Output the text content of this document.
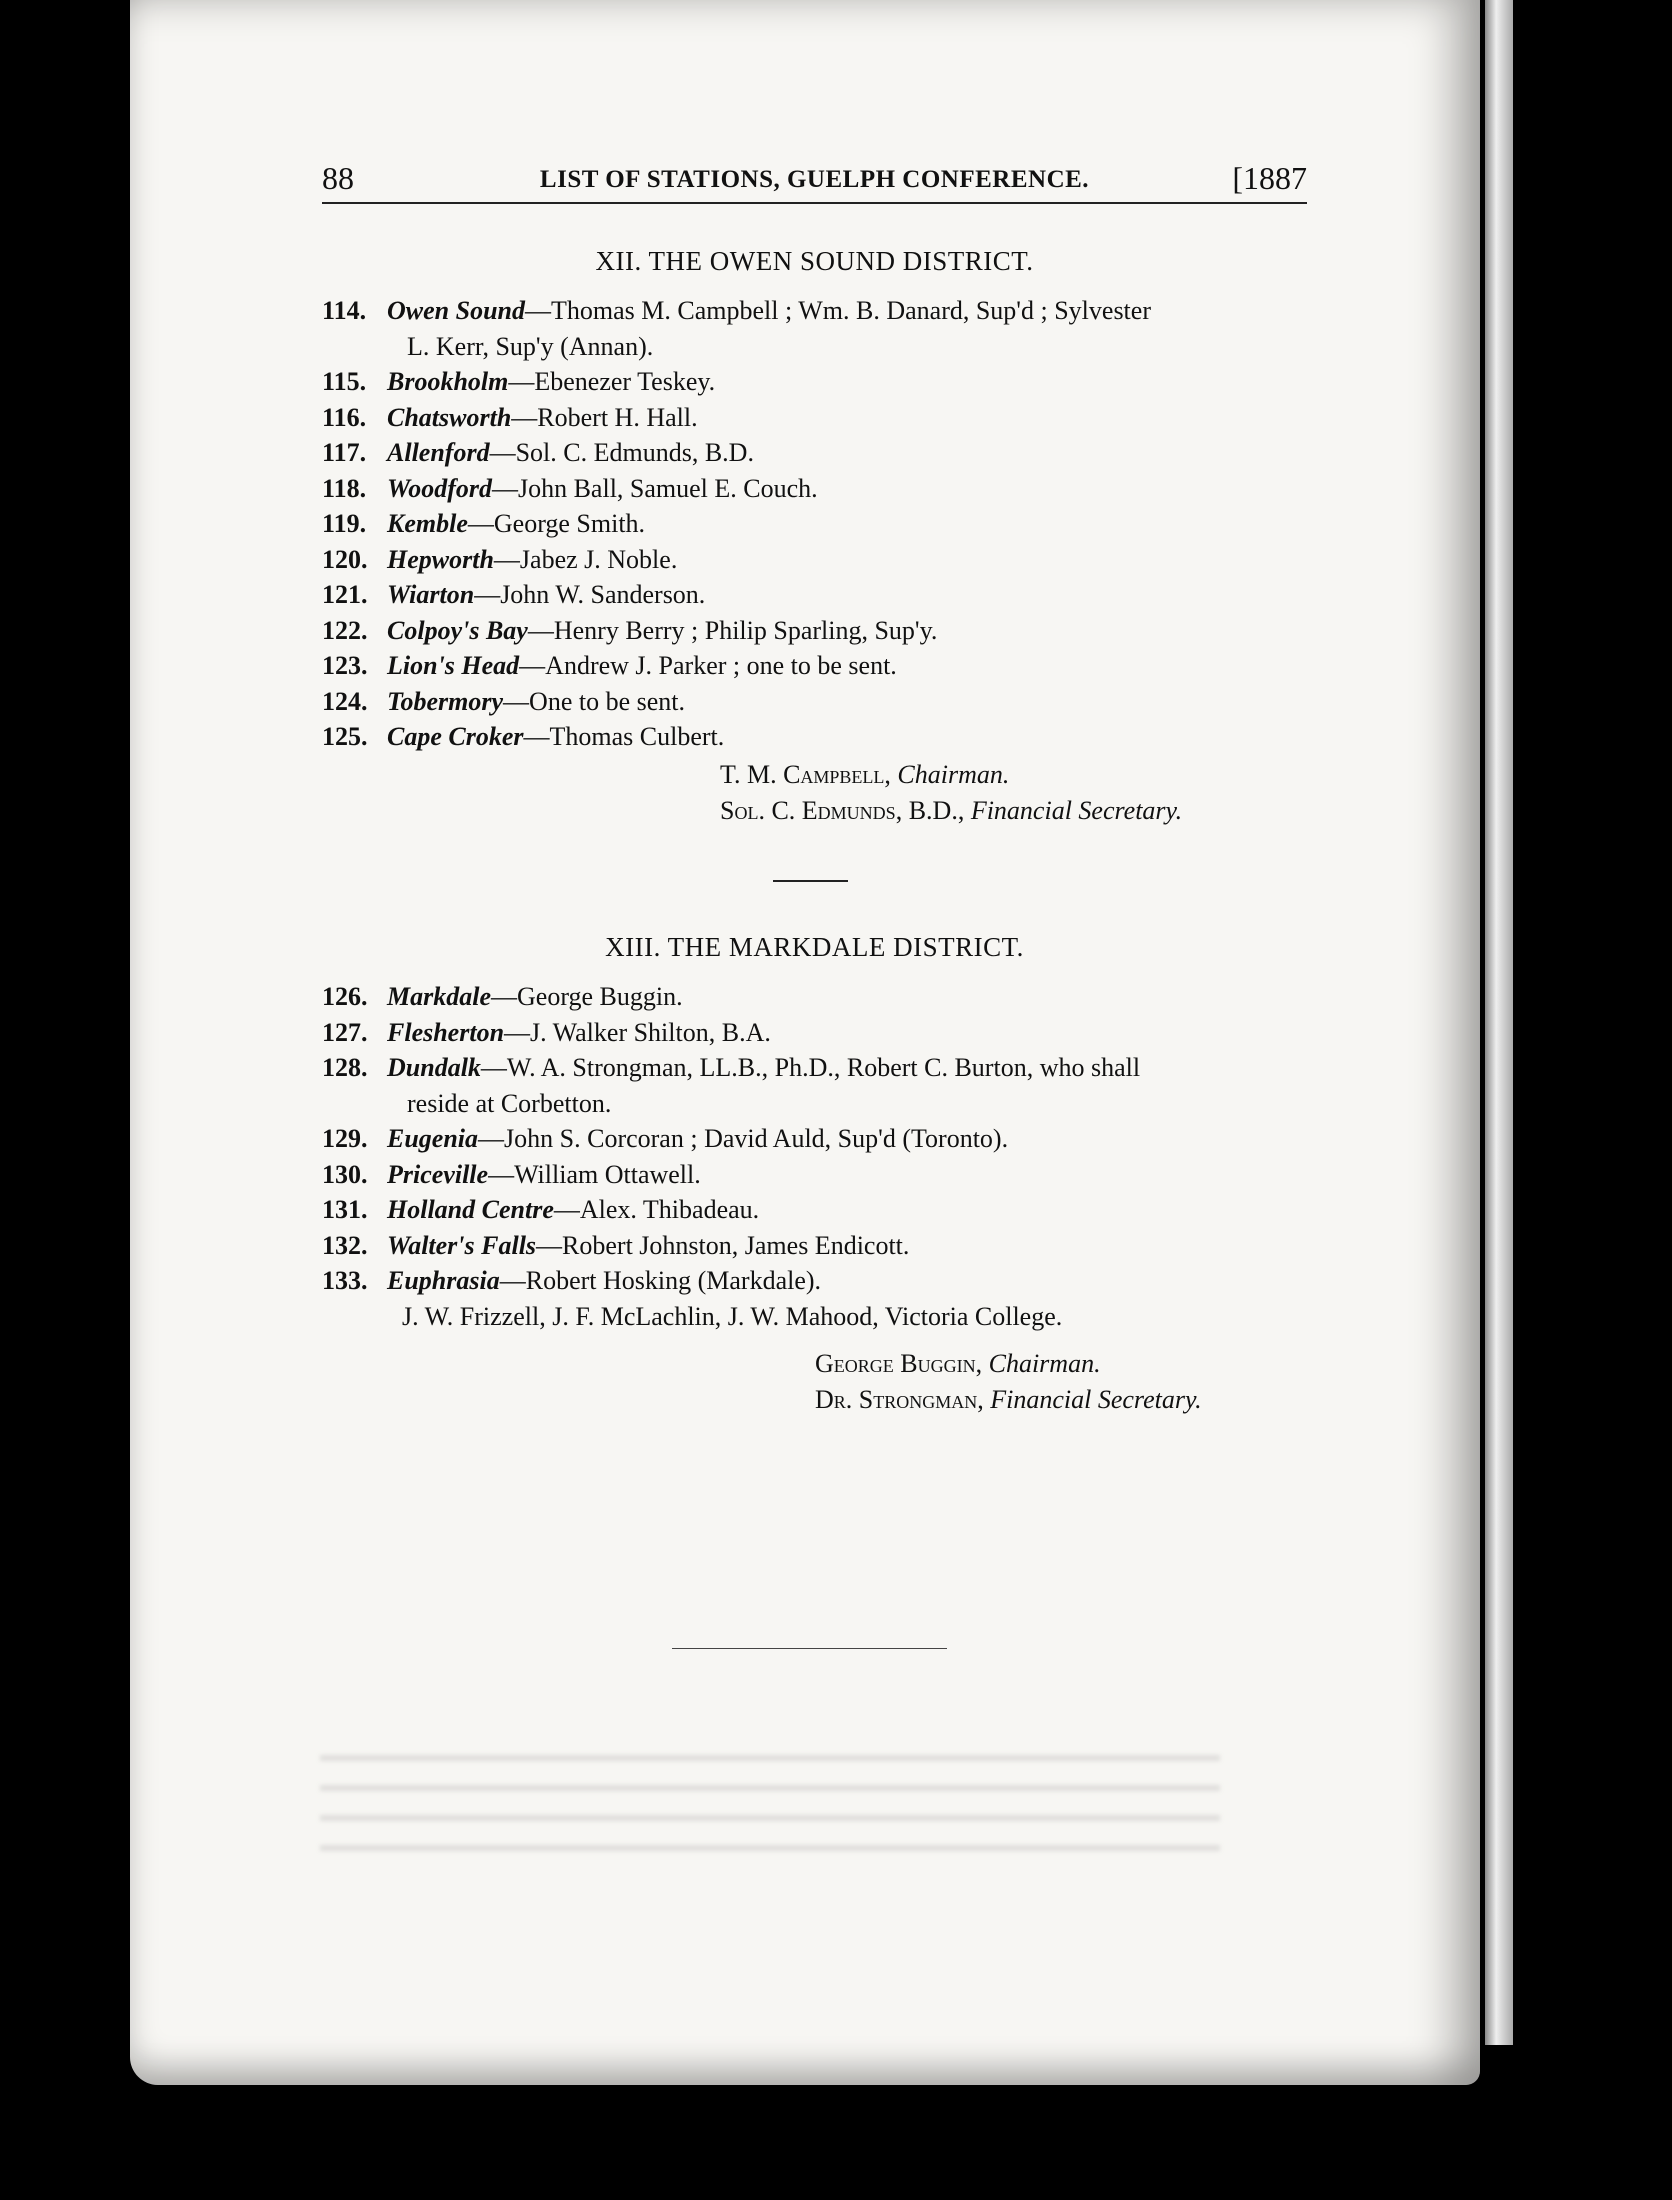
88	LIST OF STATIONS, GUELPH CONFERENCE.	[1887
XII. THE OWEN SOUND DISTRICT.
114. Owen Sound—Thomas M. Campbell ; Wm. B. Danard, Sup'd ; Sylvester
L. Kerr, Sup'y (Annan).
115. Brookholm—Ebenezer Teskey.
116. Chatsworth—Robert H. Hall.
117. Allenford—Sol. C. Edmunds, B.D.
118. Woodford—John Ball, Samuel E. Couch.
119. Kemble—George Smith.
120. Hepworth—Jabez J. Noble.
121. Wiarton—John W. Sanderson.
122. Colpoy's Bay—Henry Berry ; Philip Sparling, Sup'y.
123. Lion's Head—Andrew J. Parker ; one to be sent.
124. Tobermory—One to be sent.
125. Cape Croker—Thomas Culbert.
T. M. Campbell, Chairman.
Sol. C. Edmunds, B.D., Financial Secretary.
XIII. THE MARKDALE DISTRICT.
126. Markdale—George Buggin.
127. Flesherton—J. Walker Shilton, B.A.
128. Dundalk—W. A. Strongman, LL.B., Ph.D., Robert C. Burton, who shall
reside at Corbetton.
129. Eugenia—John S. Corcoran ; David Auld, Sup'd (Toronto).
130. Priceville—William Ottawell.
131. Holland Centre—Alex. Thibadeau.
132. Walter's Falls—Robert Johnston, James Endicott.
133. Euphrasia—Robert Hosking (Markdale).
J. W. Frizzell, J. F. McLachlin, J. W. Mahood, Victoria College.
George Buggin, Chairman.
Dr. Strongman, Financial Secretary.
